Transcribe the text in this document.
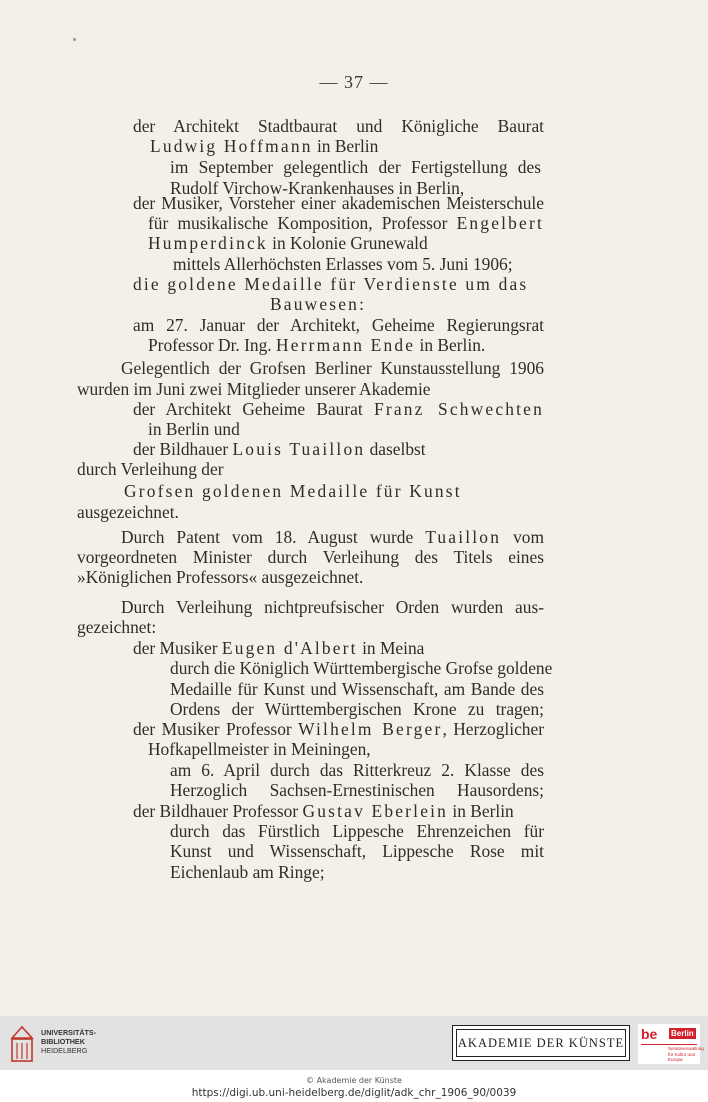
— 37 —
der Architekt Stadtbaurat und Königliche Baurat
Ludwig Hoffmann in Berlin
im September gelegentlich der Fertigstellung des
Rudolf Virchow-Krankenhauses in Berlin,
der Musiker, Vorsteher einer akademischen Meisterschule
für musikalische Komposition, Professor Engelbert
Humperdinck in Kolonie Grunewald
mittels Allerhöchsten Erlasses vom 5. Juni 1906;
die goldene Medaille für Verdienste um das
Bauwesen:
am 27. Januar der Architekt, Geheime Regierungsrat
Professor Dr. Ing. Herrmann Ende in Berlin.
Gelegentlich der Grofsen Berliner Kunstausstellung 1906
wurden im Juni zwei Mitglieder unserer Akademie
der Architekt Geheime Baurat Franz Schwechten
in Berlin und
der Bildhauer Louis Tuaillon daselbst
durch Verleihung der
Grofsen goldenen Medaille für Kunst
ausgezeichnet.
Durch Patent vom 18. August wurde Tuaillon vom
vorgeordneten Minister durch Verleihung des Titels eines
»Königlichen Professors« ausgezeichnet.
Durch Verleihung nichtpreufsischer Orden wurden aus-
gezeichnet:
der Musiker Eugen d'Albert in Meina
durch die Königlich Württembergische Grofse goldene
Medaille für Kunst und Wissenschaft, am Bande des
Ordens der Württembergischen Krone zu tragen;
der Musiker Professor Wilhelm Berger, Herzoglicher
Hofkapellmeister in Meiningen,
am 6. April durch das Ritterkreuz 2. Klasse des
Herzoglich Sachsen-Ernestinischen Hausordens;
der Bildhauer Professor Gustav Eberlein in Berlin
durch das Fürstlich Lippesche Ehrenzeichen für
Kunst und Wissenschaft, Lippesche Rose mit
Eichenlaub am Ringe;
UNIVERSITÄTS-
BIBLIOTHEK
HEIDELBERG
AKADEMIE DER KÜNSTE
be Berlin
Senatsverwaltung
für Kultur und Europa
© Akademie der Künste
https://digi.ub.uni-heidelberg.de/diglit/adk_chr_1906_90/0039
